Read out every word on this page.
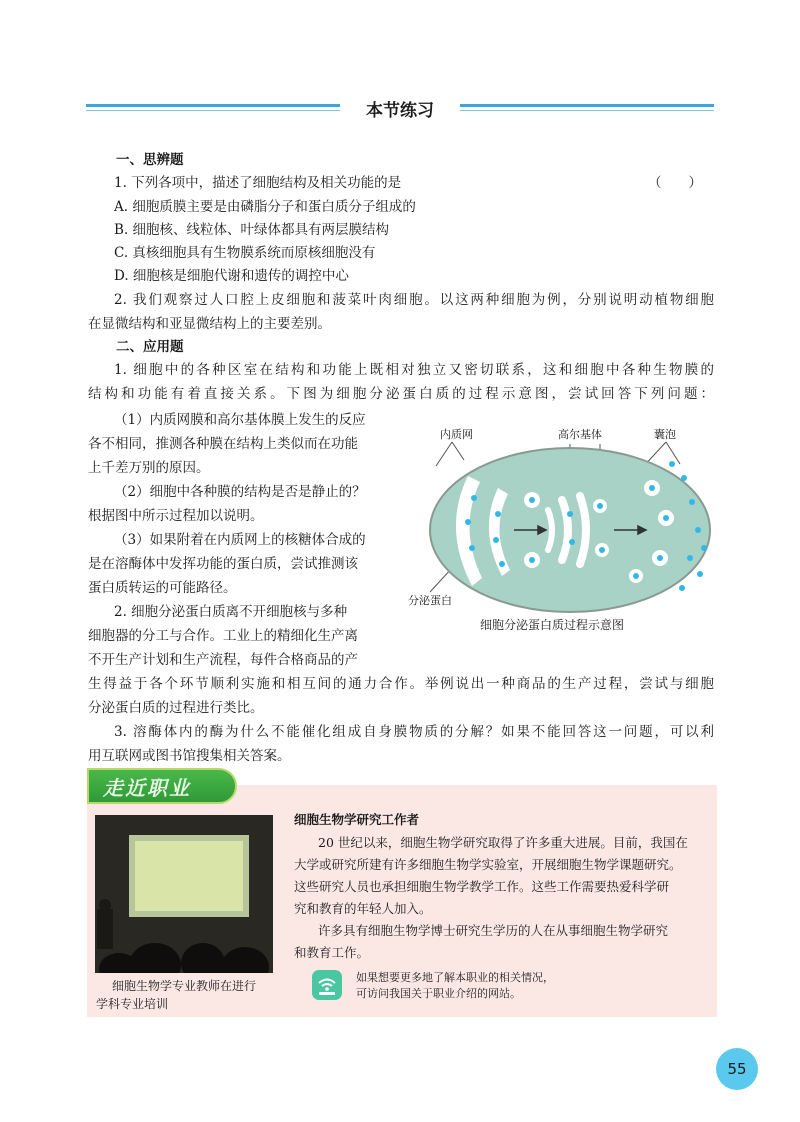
本节练习
一、思辨题
1. 下列各项中，描述了细胞结构及相关功能的是	（　　）
A. 细胞质膜主要是由磷脂分子和蛋白质分子组成的
B. 细胞核、线粒体、叶绿体都具有两层膜结构
C. 真核细胞具有生物膜系统而原核细胞没有
D. 细胞核是细胞代谢和遗传的调控中心
2. 我们观察过人口腔上皮细胞和菠菜叶肉细胞。以这两种细胞为例，分别说明动植物细胞
在显微结构和亚显微结构上的主要差别。
二、应用题
1. 细胞中的各种区室在结构和功能上既相对独立又密切联系，这和细胞中各种生物膜的
结构和功能有着直接关系。下图为细胞分泌蛋白质的过程示意图，尝试回答下列问题：
（1）内质网膜和高尔基体膜上发生的反应
各不相同，推测各种膜在结构上类似而在功能
上千差万别的原因。
（2）细胞中各种膜的结构是否是静止的？
根据图中所示过程加以说明。
（3）如果附着在内质网上的核糖体合成的
是在溶酶体中发挥功能的蛋白质，尝试推测该
蛋白质转运的可能路径。
2. 细胞分泌蛋白质离不开细胞核与多种
细胞器的分工与合作。工业上的精细化生产离
不开生产计划和生产流程，每件合格商品的产
生得益于各个环节顺利实施和相互间的通力合作。举例说出一种商品的生产过程，尝试与细胞
分泌蛋白质的过程进行类比。
3. 溶酶体内的酶为什么不能催化组成自身膜物质的分解？如果不能回答这一问题，可以利
用互联网或图书馆搜集相关答案。
内质网	高尔基体	囊泡
分泌蛋白
细胞分泌蛋白质过程示意图
走近职业
细胞生物学专业教师在进行
学科专业培训
细胞生物学研究工作者
20 世纪以来，细胞生物学研究取得了许多重大进展。目前，我国在
大学或研究所建有许多细胞生物学实验室，开展细胞生物学课题研究。
这些研究人员也承担细胞生物学教学工作。这些工作需要热爱科学研
究和教育的年轻人加入。
许多具有细胞生物学博士研究生学历的人在从事细胞生物学研究
和教育工作。
如果想要更多地了解本职业的相关情况，
可访问我国关于职业介绍的网站。
55
